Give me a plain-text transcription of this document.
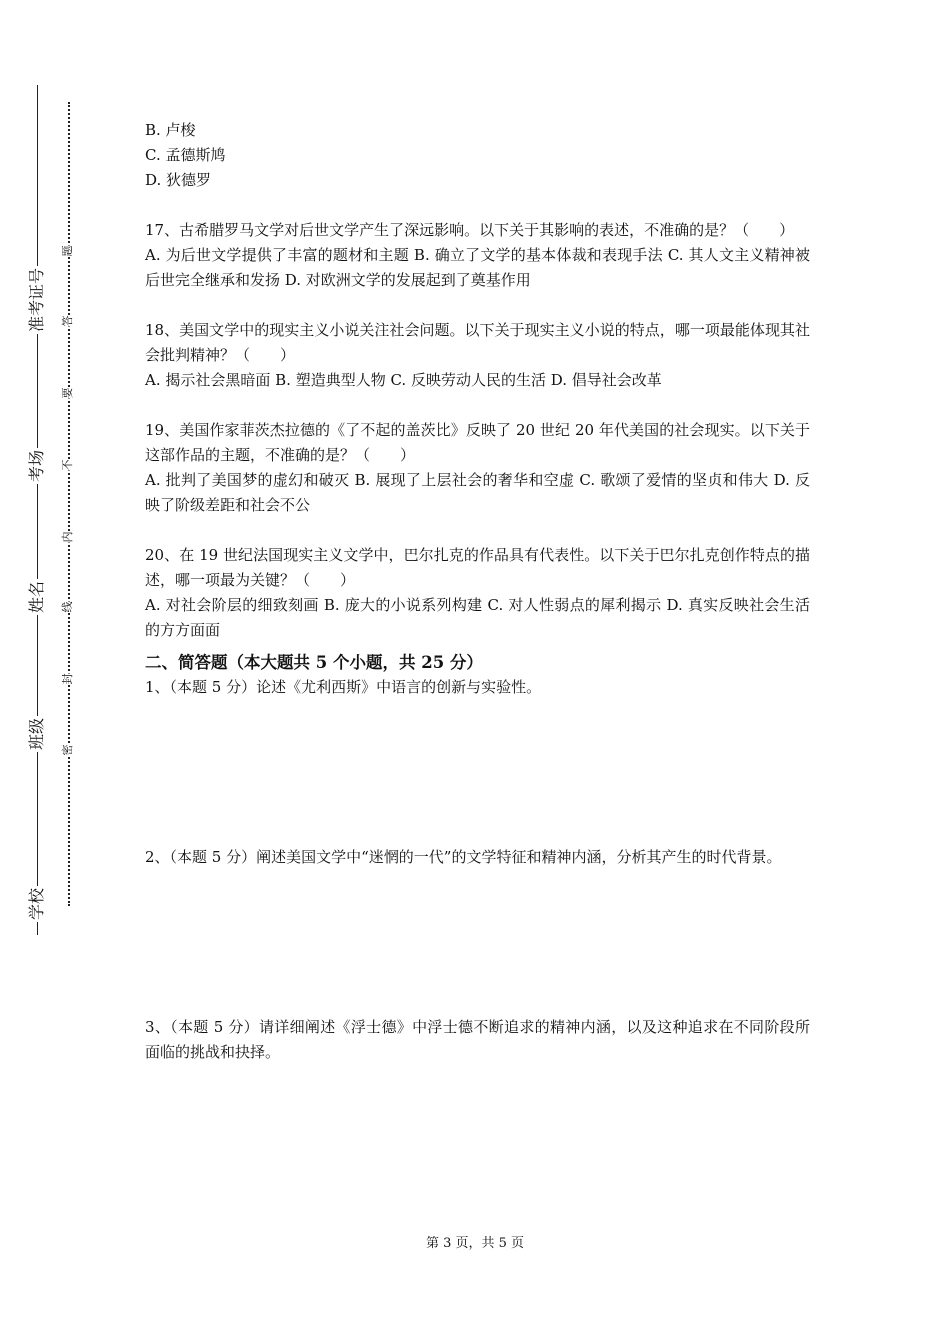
准考证号
考场
姓名
班级
学校
题
答
要
不
内
线
封
密

B. 卢梭

C. 孟德斯鸠

D. 狄德罗

17、古希腊罗马文学对后世文学产生了深远影响。以下关于其影响的表述，不准确的是？（　　）

A. 为后世文学提供了丰富的题材和主题 B. 确立了文学的基本体裁和表现手法 C. 其人文主义精神被后世完全继承和发扬 D. 对欧洲文学的发展起到了奠基作用

18、美国文学中的现实主义小说关注社会问题。以下关于现实主义小说的特点，哪一项最能体现其社会批判精神？（　　）

A. 揭示社会黑暗面 B. 塑造典型人物 C. 反映劳动人民的生活 D. 倡导社会改革

19、美国作家菲茨杰拉德的《了不起的盖茨比》反映了 20 世纪 20 年代美国的社会现实。以下关于这部作品的主题，不准确的是？（　　）

A. 批判了美国梦的虚幻和破灭 B. 展现了上层社会的奢华和空虚 C. 歌颂了爱情的坚贞和伟大 D. 反映了阶级差距和社会不公

20、在 19 世纪法国现实主义文学中，巴尔扎克的作品具有代表性。以下关于巴尔扎克创作特点的描述，哪一项最为关键？（　　）

A. 对社会阶层的细致刻画 B. 庞大的小说系列构建 C. 对人性弱点的犀利揭示 D. 真实反映社会生活的方方面面

二、简答题（本大题共 5 个小题，共 25 分）

1、（本题 5 分）论述《尤利西斯》中语言的创新与实验性。

2、（本题 5 分）阐述美国文学中“迷惘的一代”的文学特征和精神内涵，分析其产生的时代背景。

3、（本题 5 分）请详细阐述《浮士德》中浮士德不断追求的精神内涵，以及这种追求在不同阶段所面临的挑战和抉择。

第 3 页，共 5 页
